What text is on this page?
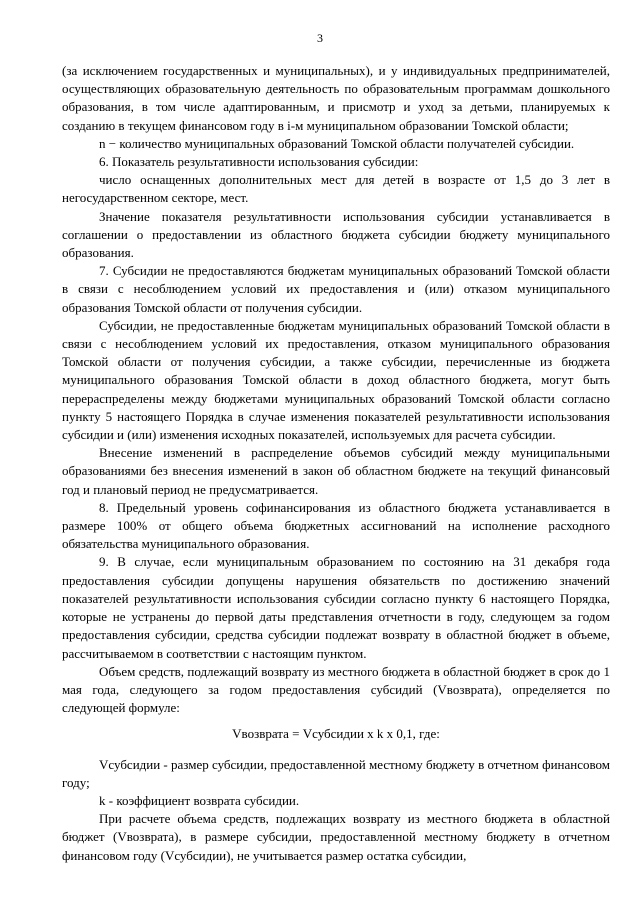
3

(за исключением государственных и муниципальных), и у индивидуальных предпринимателей, осуществляющих образовательную деятельность по образовательным программам дошкольного образования, в том числе адаптированным, и присмотр и уход за детьми, планируемых к созданию в текущем финансовом году в i-м муниципальном образовании Томской области;

n − количество муниципальных образований Томской области получателей субсидии.

6. Показатель результативности использования субсидии:

число оснащенных дополнительных мест для детей в возрасте от 1,5 до 3 лет в негосударственном секторе, мест.

Значение показателя результативности использования субсидии устанавливается в соглашении о предоставлении из областного бюджета субсидии бюджету муниципального образования.

7. Субсидии не предоставляются бюджетам муниципальных образований Томской области в связи с несоблюдением условий их предоставления и (или) отказом муниципального образования Томской области от получения субсидии.

Субсидии, не предоставленные бюджетам муниципальных образований Томской области в связи с несоблюдением условий их предоставления, отказом муниципального образования Томской области от получения субсидии, а также субсидии, перечисленные из бюджета муниципального образования Томской области в доход областного бюджета, могут быть перераспределены между бюджетами муниципальных образований Томской области согласно пункту 5 настоящего Порядка в случае изменения показателей результативности использования субсидии и (или) изменения исходных показателей, используемых для расчета субсидии.

Внесение изменений в распределение объемов субсидий между муниципальными образованиями без внесения изменений в закон об областном бюджете на текущий финансовый год и плановый период не предусматривается.

8. Предельный уровень софинансирования из областного бюджета устанавливается в размере 100% от общего объема бюджетных ассигнований на исполнение расходного обязательства муниципального образования.

9. В случае, если муниципальным образованием по состоянию на 31 декабря года предоставления субсидии допущены нарушения обязательств по достижению значений показателей результативности использования субсидии согласно пункту 6 настоящего Порядка, которые не устранены до первой даты представления отчетности в году, следующем за годом предоставления субсидии, средства субсидии подлежат возврату в областной бюджет в объеме, рассчитываемом в соответствии с настоящим пунктом.

Объем средств, подлежащий возврату из местного бюджета в областной бюджет в срок до 1 мая года, следующего за годом предоставления субсидий (Vвозврата), определяется по следующей формуле:

Vвозврата = Vсубсидии x k x 0,1, где:

Vсубсидии - размер субсидии, предоставленной местному бюджету в отчетном финансовом году;

k - коэффициент возврата субсидии.

При расчете объема средств, подлежащих возврату из местного бюджета в областной бюджет (Vвозврата), в размере субсидии, предоставленной местному бюджету в отчетном финансовом году (Vсубсидии), не учитывается размер остатка субсидии,
